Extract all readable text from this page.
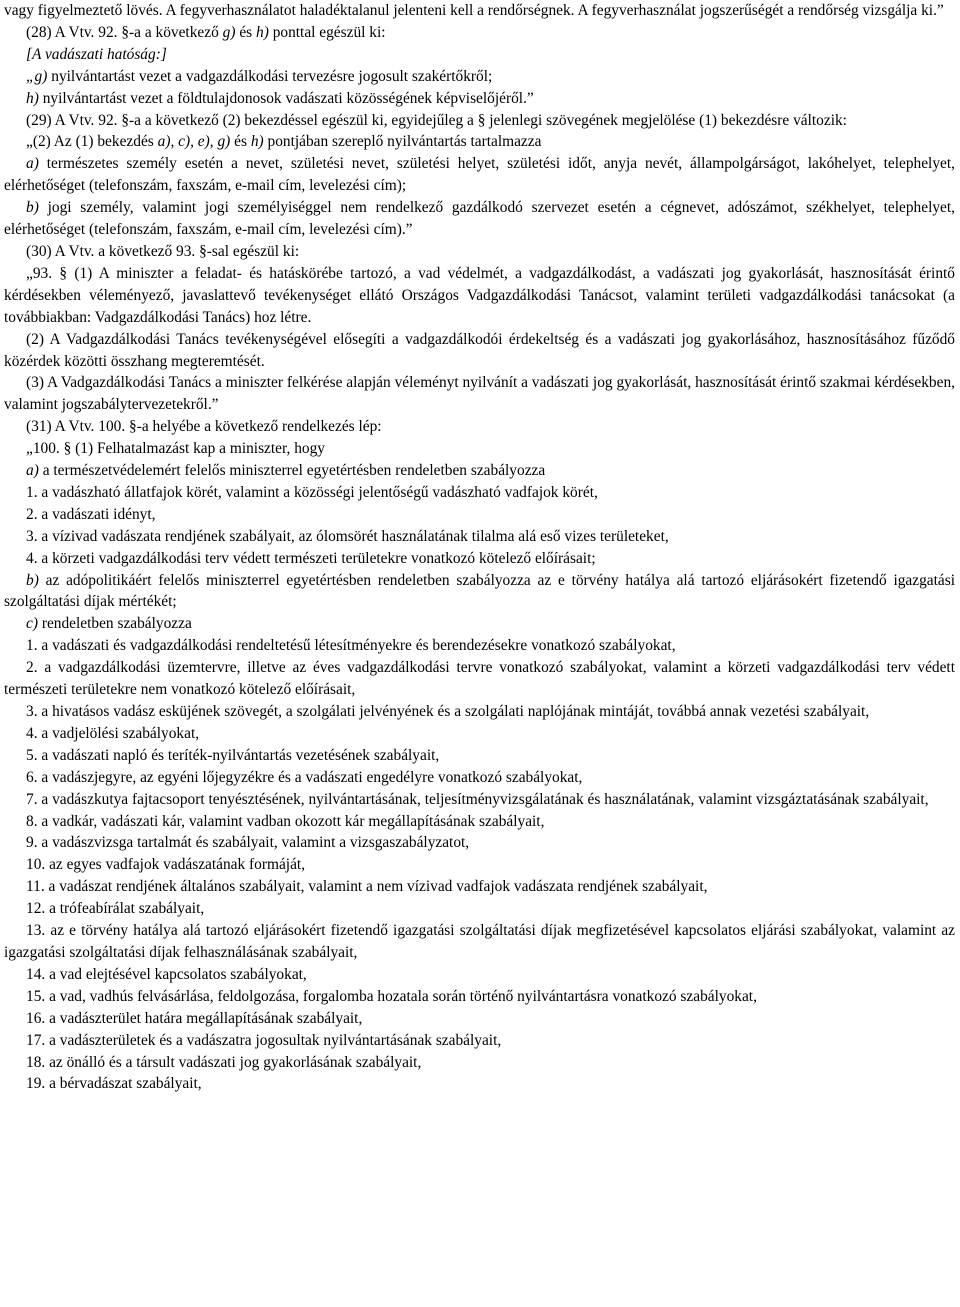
vagy figyelmeztető lövés. A fegyverhasználatot haladéktalanul jelenteni kell a rendőrségnek. A fegyverhasználat jogszerűségét a rendőrség vizsgálja ki.”

(28) A Vtv. 92. §-a a következő g) és h) ponttal egészül ki:

[A vadászati hatóság:]

„g) nyilvántartást vezet a vadgazdálkodási tervezésre jogosult szakértőkről;

h) nyilvántartást vezet a földtulajdonosok vadászati közösségének képviselőjéről.”

(29) A Vtv. 92. §-a a következő (2) bekezdéssel egészül ki, egyidejűleg a § jelenlegi szövegének megjelölése (1) bekezdésre változik:

„(2) Az (1) bekezdés a), c), e), g) és h) pontjában szereplő nyilvántartás tartalmazza

a) természetes személy esetén a nevet, születési nevet, születési helyet, születési időt, anyja nevét, állampolgárságot, lakóhelyet, telephelyet, elérhetőséget (telefonszám, faxszám, e-mail cím, levelezési cím);

b) jogi személy, valamint jogi személyiséggel nem rendelkező gazdálkodó szervezet esetén a cégnevet, adószámot, székhelyet, telephelyet, elérhetőséget (telefonszám, faxszám, e-mail cím, levelezési cím).”

(30) A Vtv. a következő 93. §-sal egészül ki:

„93. § (1) A miniszter a feladat- és hatáskörébe tartozó, a vad védelmét, a vadgazdálkodást, a vadászati jog gyakorlását, hasznosítását érintő kérdésekben véleményező, javaslattevő tevékenységet ellátó Országos Vadgazdálkodási Tanácsot, valamint területi vadgazdálkodási tanácsokat (a továbbiakban: Vadgazdálkodási Tanács) hoz létre.

(2) A Vadgazdálkodási Tanács tevékenységével elősegíti a vadgazdálkodói érdekeltség és a vadászati jog gyakorlásához, hasznosításához fűződő közérdek közötti összhang megteremtését.

(3) A Vadgazdálkodási Tanács a miniszter felkérése alapján véleményt nyilvánít a vadászati jog gyakorlását, hasznosítását érintő szakmai kérdésekben, valamint jogszabálytervezetekről.”

(31) A Vtv. 100. §-a helyébe a következő rendelkezés lép:

„100. § (1) Felhatalmazást kap a miniszter, hogy

a) a természetvédelemért felelős miniszterrel egyetértésben rendeletben szabályozza

1. a vadászható állatfajok körét, valamint a közösségi jelentőségű vadászható vadfajok körét,

2. a vadászati idényt,

3. a vízivad vadászata rendjének szabályait, az ólomsörét használatának tilalma alá eső vizes területeket,

4. a körzeti vadgazdálkodási terv védett természeti területekre vonatkozó kötelező előírásait;

b) az adópolitikáért felelős miniszterrel egyetértésben rendeletben szabályozza az e törvény hatálya alá tartozó eljárásokért fizetendő igazgatási szolgáltatási díjak mértékét;

c) rendeletben szabályozza

1. a vadászati és vadgazdálkodási rendeltetésű létesítményekre és berendezésekre vonatkozó szabályokat,

2. a vadgazdálkodási üzemtervre, illetve az éves vadgazdálkodási tervre vonatkozó szabályokat, valamint a körzeti vadgazdálkodási terv védett természeti területekre nem vonatkozó kötelező előírásait,

3. a hivatásos vadász esküjének szövegét, a szolgálati jelvényének és a szolgálati naplójának mintáját, továbbá annak vezetési szabályait,

4. a vadjelölési szabályokat,

5. a vadászati napló és teríték-nyilvántartás vezetésének szabályait,

6. a vadászjegyre, az egyéni lőjegyzékre és a vadászati engedélyre vonatkozó szabályokat,

7. a vadászkutya fajtacsoport tenyésztésének, nyilvántartásának, teljesítményvizsgálatának és használatának, valamint vizsgáztatásának szabályait,

8. a vadkár, vadászati kár, valamint vadban okozott kár megállapításának szabályait,

9. a vadászvizsga tartalmát és szabályait, valamint a vizsgaszabályzatot,

10. az egyes vadfajok vadászatának formáját,

11. a vadászat rendjének általános szabályait, valamint a nem vízivad vadfajok vadászata rendjének szabályait,

12. a trófeabírálat szabályait,

13. az e törvény hatálya alá tartozó eljárásokért fizetendő igazgatási szolgáltatási díjak megfizetésével kapcsolatos eljárási szabályokat, valamint az igazgatási szolgáltatási díjak felhasználásának szabályait,

14. a vad elejtésével kapcsolatos szabályokat,

15. a vad, vadhús felvásárlása, feldolgozása, forgalomba hozatala során történő nyilvántartásra vonatkozó szabályokat,

16. a vadászterület határa megállapításának szabályait,

17. a vadászterületek és a vadászatra jogosultak nyilvántartásának szabályait,

18. az önálló és a társult vadászati jog gyakorlásának szabályait,

19. a bérvadászat szabályait,
